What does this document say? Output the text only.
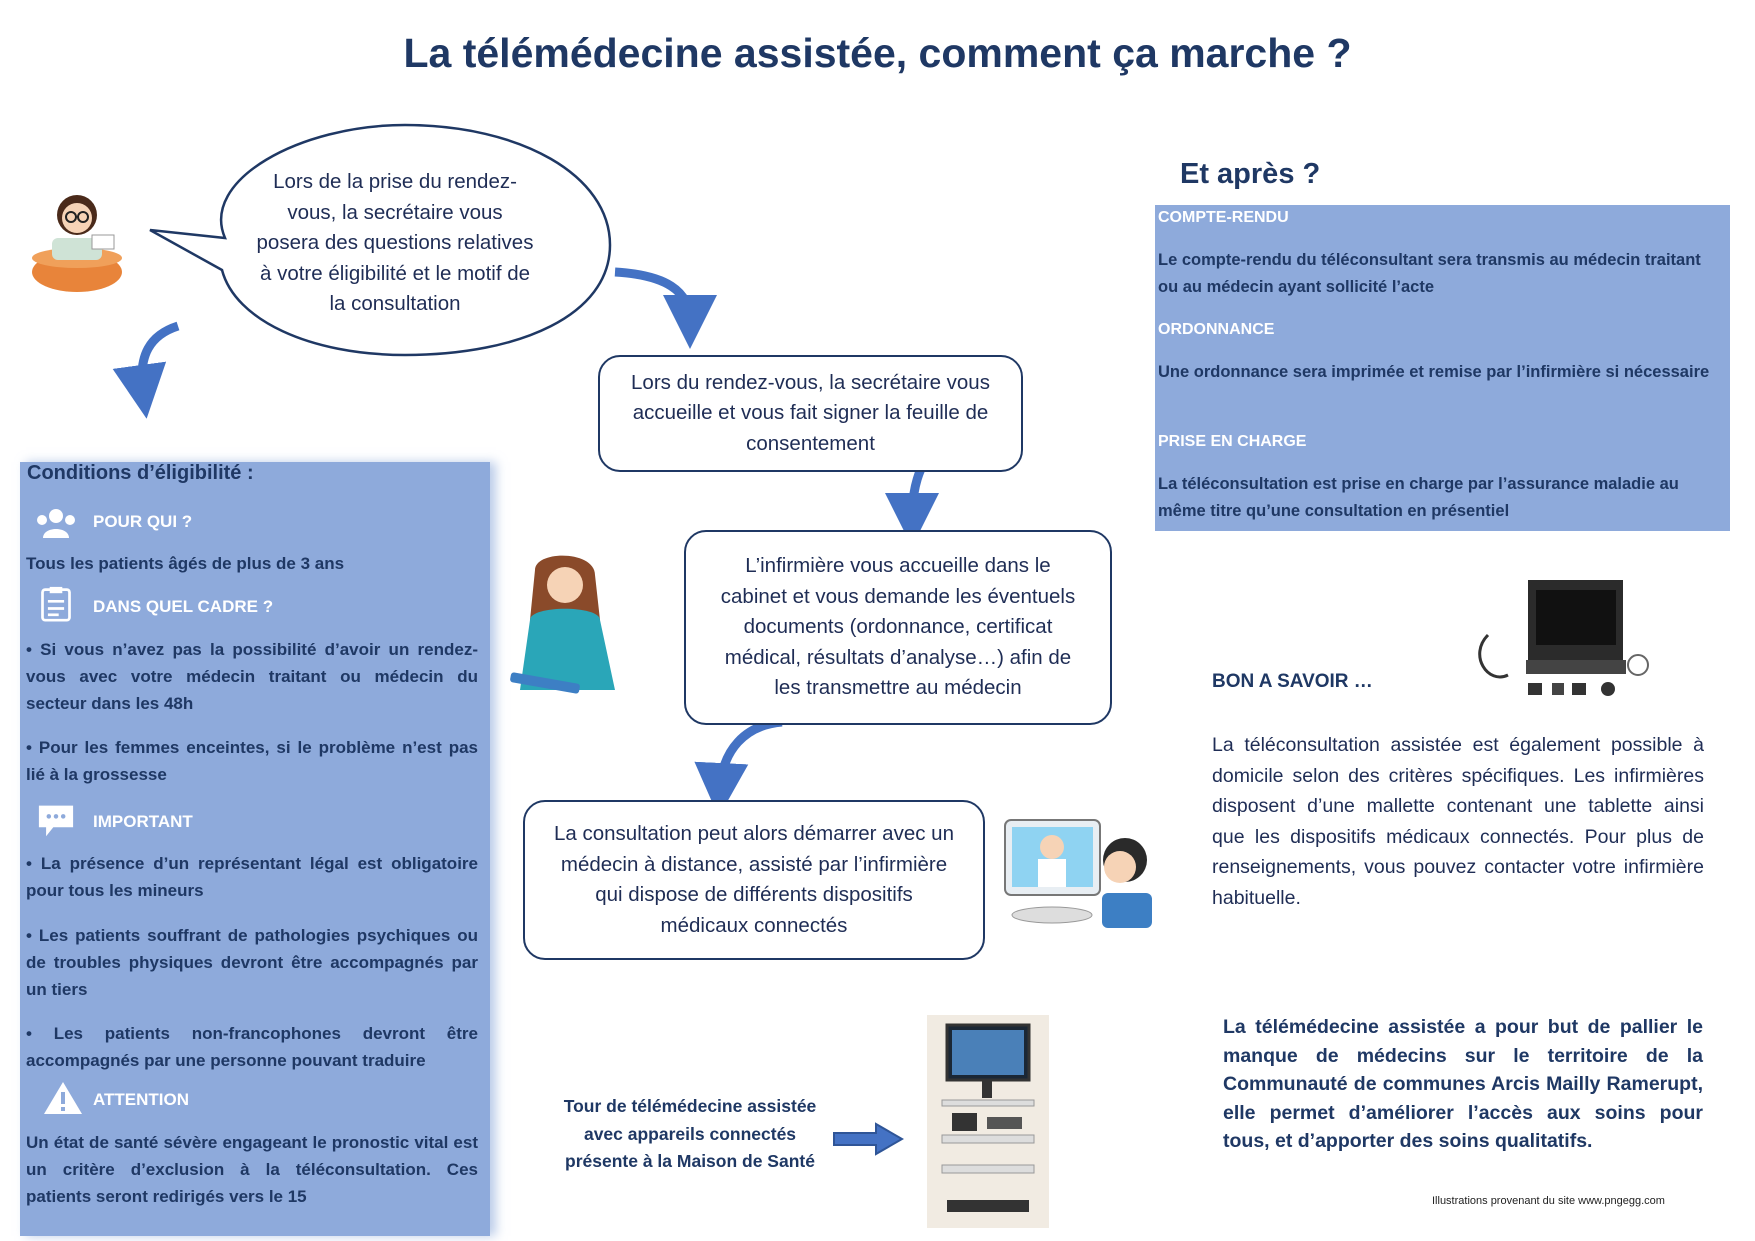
La télémédecine assistée, comment ça marche ?
Lors de la prise du rendez-vous, la secrétaire vous posera des questions relatives à votre éligibilité et le motif de la consultation
Lors du rendez-vous, la secrétaire vous accueille et vous fait signer la feuille de consentement
L’infirmière vous accueille dans le cabinet et vous demande les éventuels documents (ordonnance, certificat médical, résultats d’analyse…) afin de les transmettre au médecin
La consultation peut alors démarrer avec un médecin à distance, assisté par l’infirmière qui dispose de différents dispositifs médicaux connectés
Conditions d’éligibilité :
POUR QUI ?
Tous les patients âgés de plus de 3 ans
DANS QUEL CADRE ?
• Si vous n’avez pas la possibilité d’avoir un rendez-vous avec votre médecin traitant ou médecin du secteur dans les 48h
• Pour les femmes enceintes, si le problème n’est pas lié à la grossesse
IMPORTANT
• La présence d’un représentant légal est obligatoire pour tous les mineurs
• Les patients souffrant de pathologies psychiques ou de troubles physiques devront être accompagnés par un tiers
• Les patients non-francophones devront être accompagnés par une personne pouvant traduire
ATTENTION
Un état de santé sévère engageant le pronostic vital est un critère d’exclusion à la téléconsultation. Ces patients seront redirigés vers le 15
Et après ?
COMPTE-RENDU
Le compte-rendu du téléconsultant sera transmis au médecin traitant ou au médecin ayant sollicité l’acte
ORDONNANCE
Une ordonnance sera imprimée et remise par l’infirmière si nécessaire
PRISE EN CHARGE
La téléconsultation est prise en charge par l’assurance maladie au même titre qu’une consultation en présentiel
BON A SAVOIR …
La téléconsultation assistée est également possible à domicile selon des critères spécifiques. Les infirmières disposent d’une mallette contenant une tablette ainsi que les dispositifs médicaux connectés. Pour plus de renseignements, vous pouvez contacter votre infirmière habituelle.
Tour de télémédecine assistée avec appareils connectés présente à la Maison de Santé
La télémédecine assistée a pour but de pallier le manque de médecins sur le territoire de la Communauté de communes Arcis Mailly Ramerupt, elle permet d’améliorer l’accès aux soins pour tous, et d’apporter des soins qualitatifs.
Illustrations provenant du site www.pngegg.com
